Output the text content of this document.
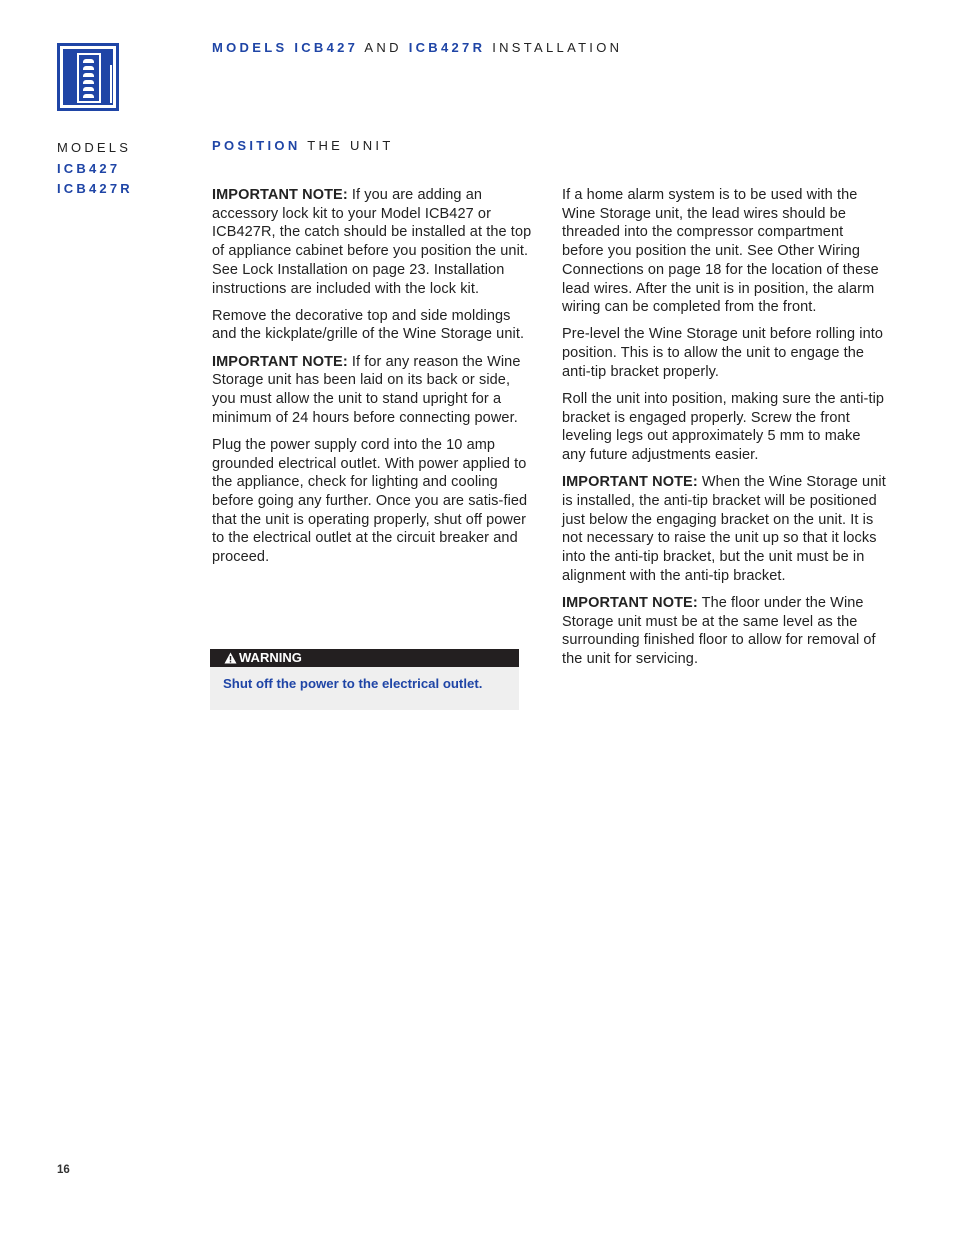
MODELS ICB427 AND ICB427R INSTALLATION
MODELS
ICB427
ICB427R
POSITION THE UNIT

IMPORTANT NOTE: If you are adding an accessory lock kit to your Model ICB427 or ICB427R, the catch should be installed at the top of appliance cabinet before you position the unit. See Lock Installation on page 23. Installation instructions are included with the lock kit.

Remove the decorative top and side moldings and the kickplate/grille of the Wine Storage unit.

IMPORTANT NOTE: If for any reason the Wine Storage unit has been laid on its back or side, you must allow the unit to stand upright for a minimum of 24 hours before connecting power.

Plug the power supply cord into the 10 amp grounded electrical outlet. With power applied to the appliance, check for lighting and cooling before going any further. Once you are satis-fied that the unit is operating properly, shut off power to the electrical outlet at the circuit breaker and proceed.

WARNING
Shut off the power to the electrical outlet.

If a home alarm system is to be used with the Wine Storage unit, the lead wires should be threaded into the compressor compartment before you position the unit. See Other Wiring Connections on page 18 for the location of these lead wires. After the unit is in position, the alarm wiring can be completed from the front.

Pre-level the Wine Storage unit before rolling into position. This is to allow the unit to engage the anti-tip bracket properly.

Roll the unit into position, making sure the anti-tip bracket is engaged properly. Screw the front leveling legs out approximately 5 mm to make any future adjustments easier.

IMPORTANT NOTE: When the Wine Storage unit is installed, the anti-tip bracket will be positioned just below the engaging bracket on the unit. It is not necessary to raise the unit up so that it locks into the anti-tip bracket, but the unit must be in alignment with the anti-tip bracket.

IMPORTANT NOTE: The floor under the Wine Storage unit must be at the same level as the surrounding finished floor to allow for removal of the unit for servicing.

16
